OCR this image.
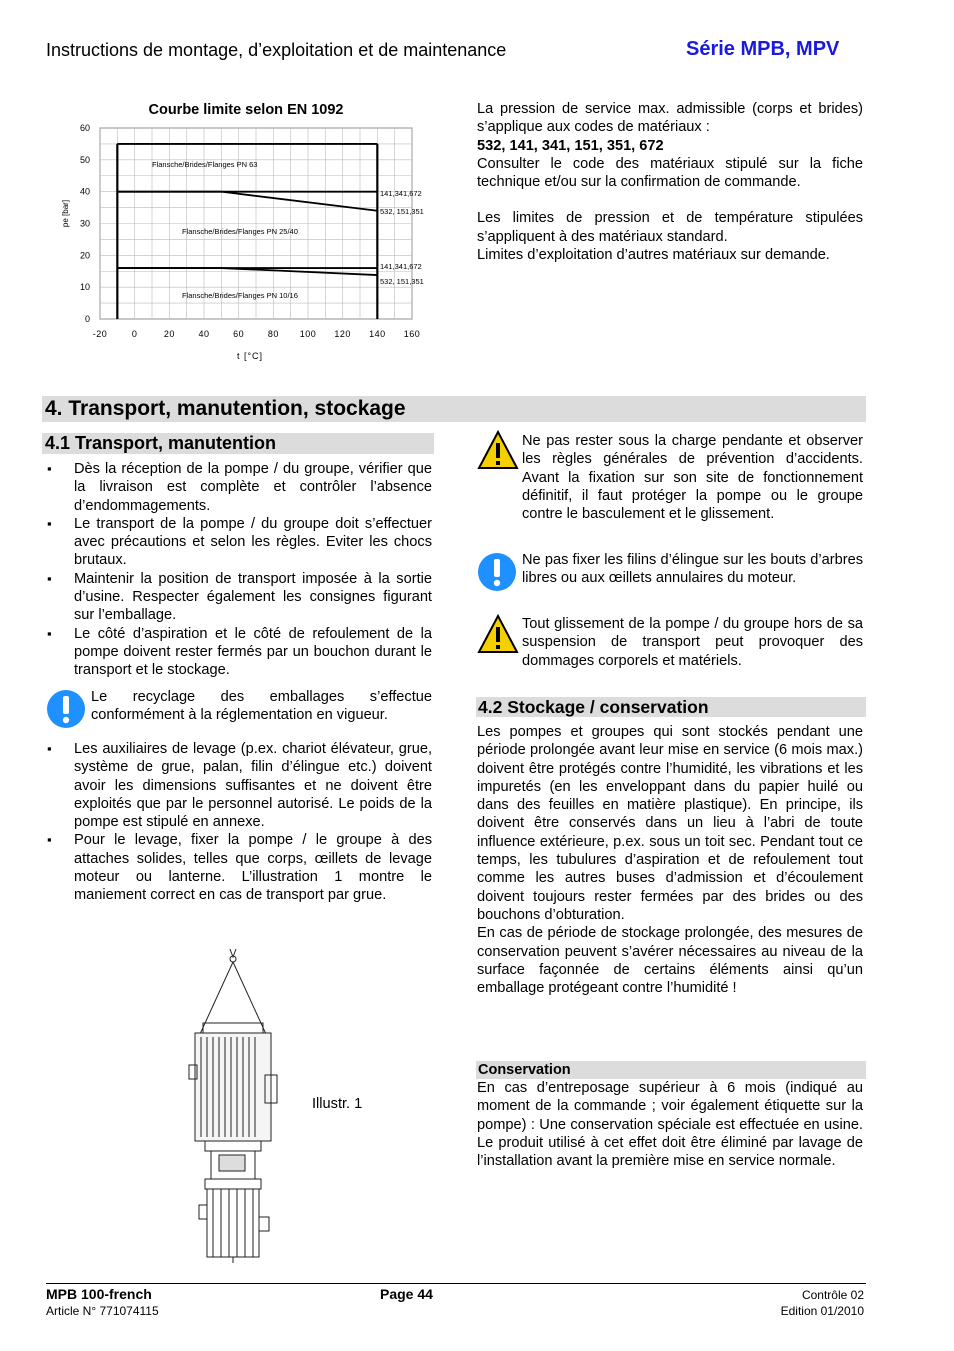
Instructions de montage, d’exploitation et de maintenance	Série MPB, MPV
-20	0	20	40	60	80 100 120 140 160
0
10
20
30
40
50
60
t [°C]
pe [bar]
Courbe limite selon EN 1092
Flansche/Brides/Flanges PN 63
Flansche/Brides/Flanges PN 25/40
Flansche/Brides/Flanges PN 10/16
141,341,672
532, 151,351
141,341,672
532, 151,351
La pression de service max. admissible (corps et brides) s’applique aux codes de matériaux :
532, 141, 341, 151, 351, 672
Consulter le code des matériaux stipulé sur la fiche technique et/ou sur la confirmation de commande.
Les limites de pression et de température stipulées s’appliquent à des matériaux standard.
Limites d’exploitation d’autres matériaux sur demande.
4. Transport, manutention, stockage
4.1 Transport, manutention
▪ Dès la réception de la pompe / du groupe, vérifier que la livraison est complète et contrôler l’absence d’endommagements.
▪ Le transport de la pompe / du groupe doit s’effectuer avec précautions et selon les règles. Eviter les chocs brutaux.
▪ Maintenir la position de transport imposée à la sortie d’usine. Respecter également les consignes figurant sur l’emballage.
▪ Le côté d’aspiration et le côté de refoulement de la pompe doivent rester fermés par un bouchon durant le transport et le stockage.
Le recyclage des emballages s’effectue conformément à la réglementation en vigueur.
▪ Les auxiliaires de levage (p.ex. chariot élévateur, grue, système de grue, palan, filin d’élingue etc.) doivent avoir les dimensions suffisantes et ne doivent être exploités que par le personnel autorisé. Le poids de la pompe est stipulé en annexe.
▪ Pour le levage, fixer la pompe / le groupe à des attaches solides, telles que corps, œillets de levage moteur ou lanterne. L’illustration 1 montre le maniement correct en cas de transport par grue.
Illustr. 1
Ne pas rester sous la charge pendante et observer les règles générales de prévention d’accidents. Avant la fixation sur son site de fonctionnement définitif, il faut protéger la pompe ou le groupe contre le basculement et le glissement.
Ne pas fixer les filins d’élingue sur les bouts d’arbres libres ou aux œillets annulaires du moteur.
Tout glissement de la pompe / du groupe hors de sa suspension de transport peut provoquer des dommages corporels et matériels.
4.2 Stockage / conservation
Les pompes et groupes qui sont stockés pendant une période prolongée avant leur mise en service (6 mois max.) doivent être protégés contre l’humidité, les vibrations et les impuretés (en les enveloppant dans du papier huilé ou dans des feuilles en matière plastique). En principe, ils doivent être conservés dans un lieu à l’abri de toute influence extérieure, p.ex. sous un toit sec. Pendant tout ce temps, les tubulures d’aspiration et de refoulement tout comme les autres buses d’admission et d’écoulement doivent toujours rester fermées par des brides ou des bouchons d’obturation.
En cas de période de stockage prolongée, des mesures de conservation peuvent s’avérer nécessaires au niveau de la surface façonnée de certains éléments ainsi qu’un emballage protégeant contre l’humidité !
Conservation
En cas d’entreposage supérieur à 6 mois (indiqué au moment de la commande ; voir également étiquette sur la pompe) : Une conservation spéciale est effectuée en usine. Le produit utilisé à cet effet doit être éliminé par lavage de l’installation avant la première mise en service normale.
MPB 100-french
Article N° 771074115
Page 44	Contrôle 02
Edition 01/2010
